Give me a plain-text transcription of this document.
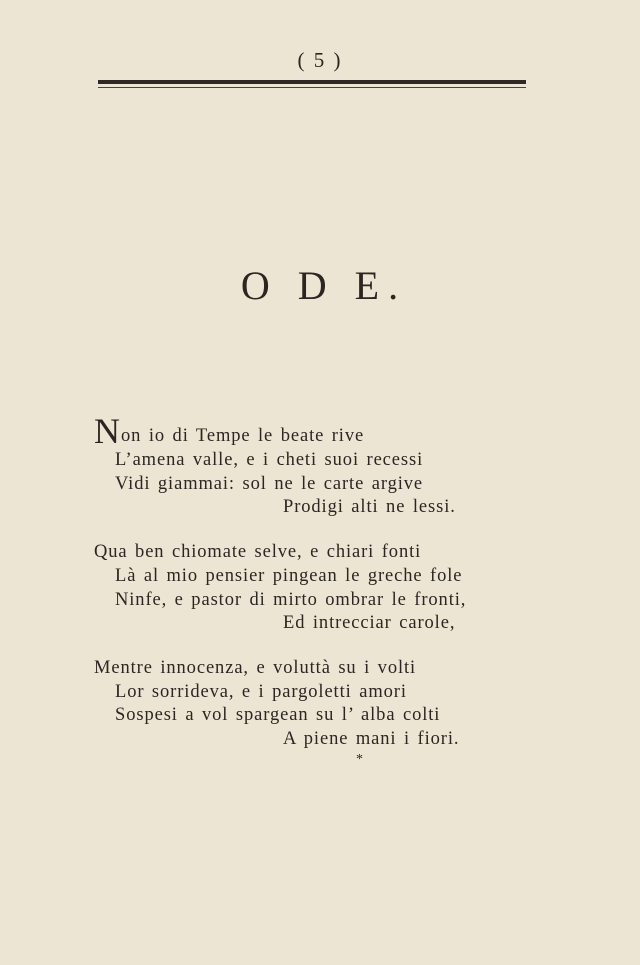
( 5 )
O D E.
Non io di Tempe le beate rive
L’amena valle, e i cheti suoi recessi
Vidi giammai: sol ne le carte argive
Prodigi alti ne lessi.
Qua ben chiomate selve, e chiari fonti
Là al mio pensier pingean le greche fole
Ninfe, e pastor di mirto ombrar le fronti,
Ed intrecciar carole,
Mentre innocenza, e voluttà su i volti
Lor sorrideva, e i pargoletti amori
Sospesi a vol spargean su l’ alba colti
A piene mani i fiori.
*
